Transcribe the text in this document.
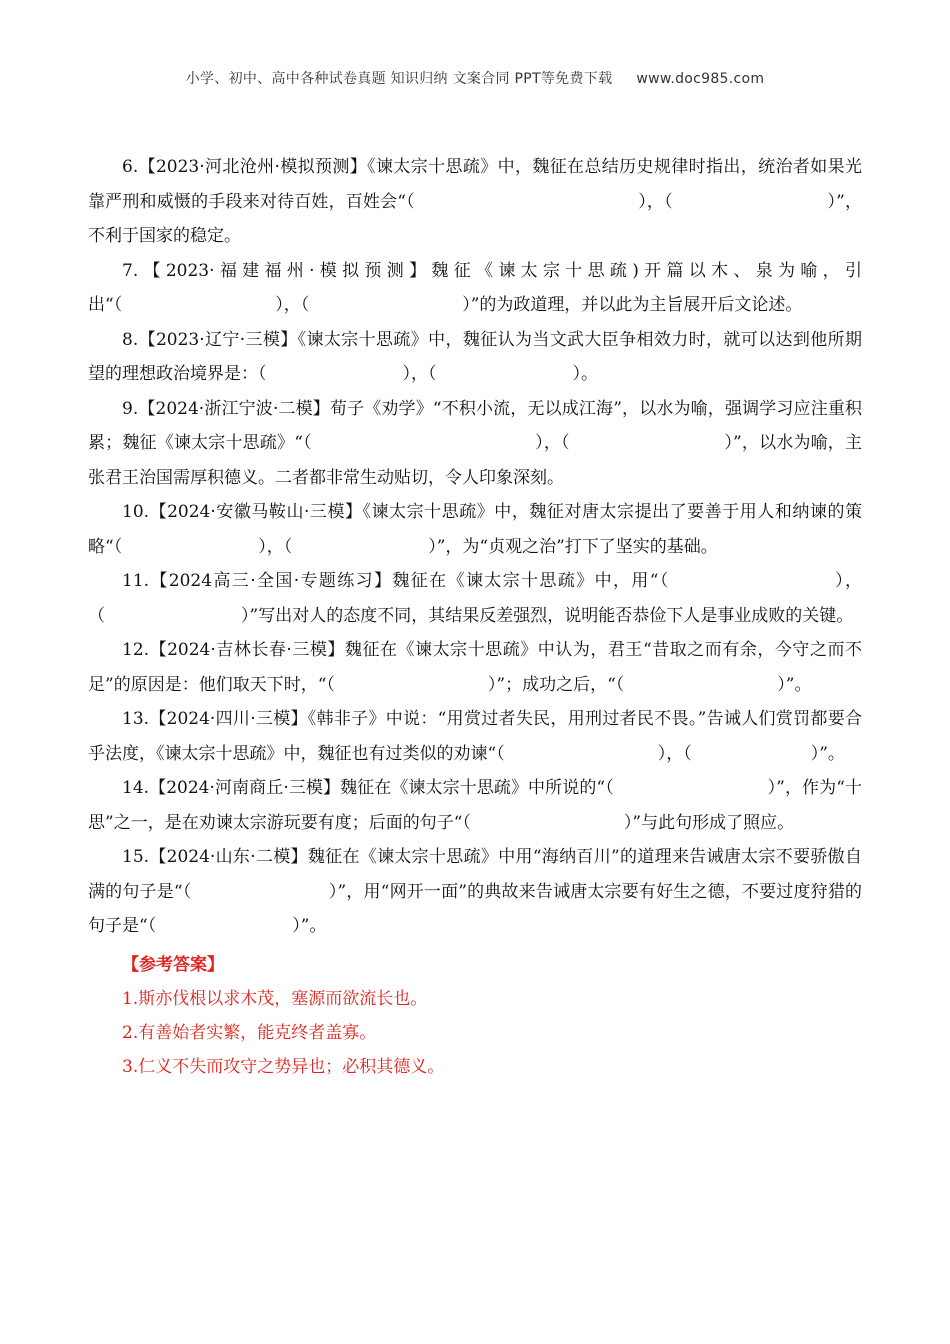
小学、初中、高中各种试卷真题 知识归纳 文案合同 PPT等免费下载 www.doc985.com

6.【2023·河北沧州·模拟预测】《谏太宗十思疏》中，魏征在总结历史规律时指出，统治者如果光靠严刑和威慑的手段来对待百姓，百姓会“（　　　　　　　　　　　　　），（　　　　　　　　　）”，不利于国家的稳定。

7.【2023·福建福州·模拟预测】魏征《谏太宗十思疏)开篇以木、泉为喻，引出“（　　　　　　　　　），（　　　　　　　　　）”的为政道理，并以此为主旨展开后文论述。

8.【2023·辽宁·三模】《谏太宗十思疏》中，魏征认为当文武大臣争相效力时，就可以达到他所期望的理想政治境界是：（　　　　　　　　），（　　　　　　　　）。

9.【2024·浙江宁波·二模】荀子《劝学》“不积小流，无以成江海”，以水为喻，强调学习应注重积累；魏征《谏太宗十思疏》“（　　　　　　　　　　　　　），（　　　　　　　　　）”，以水为喻，主张君王治国需厚积德义。二者都非常生动贴切，令人印象深刻。

10.【2024·安徽马鞍山·三模】《谏太宗十思疏》中，魏征对唐太宗提出了要善于用人和纳谏的策略“（　　　　　　　　），（　　　　　　　　）”，为“贞观之治”打下了坚实的基础。

11.【2024高三·全国·专题练习】魏征在《谏太宗十思疏》中，用“（　　　　　　　　　），（　　　　　　　　）”写出对人的态度不同，其结果反差强烈，说明能否恭俭下人是事业成败的关键。

12.【2024·吉林长春·三模】魏征在《谏太宗十思疏》中认为，君王“昔取之而有余，今守之而不足”的原因是：他们取天下时，“（　　　　　　　　　）”；成功之后，“（　　　　　　　　　）”。

13.【2024·四川·三模】《韩非子》中说：“用赏过者失民，用刑过者民不畏。”告诫人们赏罚都要合乎法度，《谏太宗十思疏》中，魏征也有过类似的劝谏“（　　　　　　　　　），（　　　　　　　）”。

14.【2024·河南商丘·三模】魏征在《谏太宗十思疏》中所说的“（　　　　　　　　　）”，作为“十思”之一，是在劝谏太宗游玩要有度；后面的句子“（　　　　　　　　　）”与此句形成了照应。

15.【2024·山东·二模】魏征在《谏太宗十思疏》中用“海纳百川”的道理来告诫唐太宗不要骄傲自满的句子是“（　　　　　　　　）”，用“网开一面”的典故来告诫唐太宗要有好生之德，不要过度狩猎的句子是“（　　　　　　　　）”。

【参考答案】

1.斯亦伐根以求木茂，塞源而欲流长也。

2.有善始者实繁，能克终者盖寡。

3.仁义不失而攻守之势异也；必积其德义。
